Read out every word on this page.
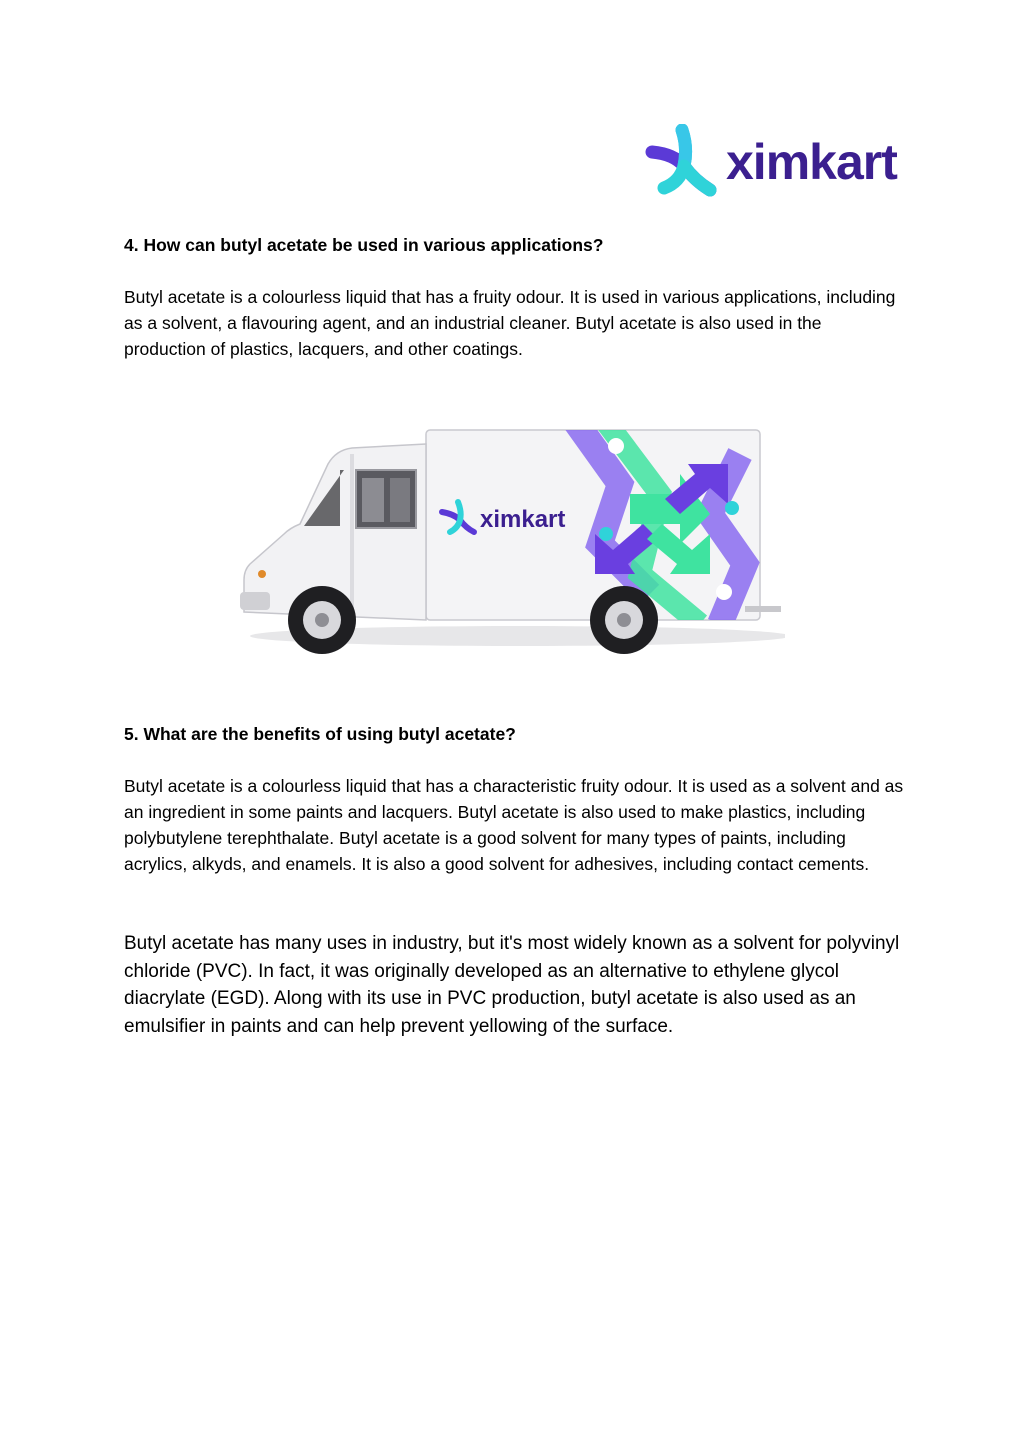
ximkart
4. How can butyl acetate be used in various applications?

Butyl acetate is a colourless liquid that has a fruity odour. It is used in various applications, including as a solvent, a flavouring agent, and an industrial cleaner. Butyl acetate is also used in the production of plastics, lacquers, and other coatings.

ximkart
5. What are the benefits of using butyl acetate?

Butyl acetate is a colourless liquid that has a characteristic fruity odour. It is used as a solvent and as an ingredient in some paints and lacquers. Butyl acetate is also used to make plastics, including polybutylene terephthalate. Butyl acetate is a good solvent for many types of paints, including acrylics, alkyds, and enamels. It is also a good solvent for adhesives, including contact cements.

Butyl acetate has many uses in industry, but it's most widely known as a solvent for polyvinyl chloride (PVC). In fact, it was originally developed as an alternative to ethylene glycol diacrylate (EGD). Along with its use in PVC production, butyl acetate is also used as an emulsifier in paints and can help prevent yellowing of the surface.
